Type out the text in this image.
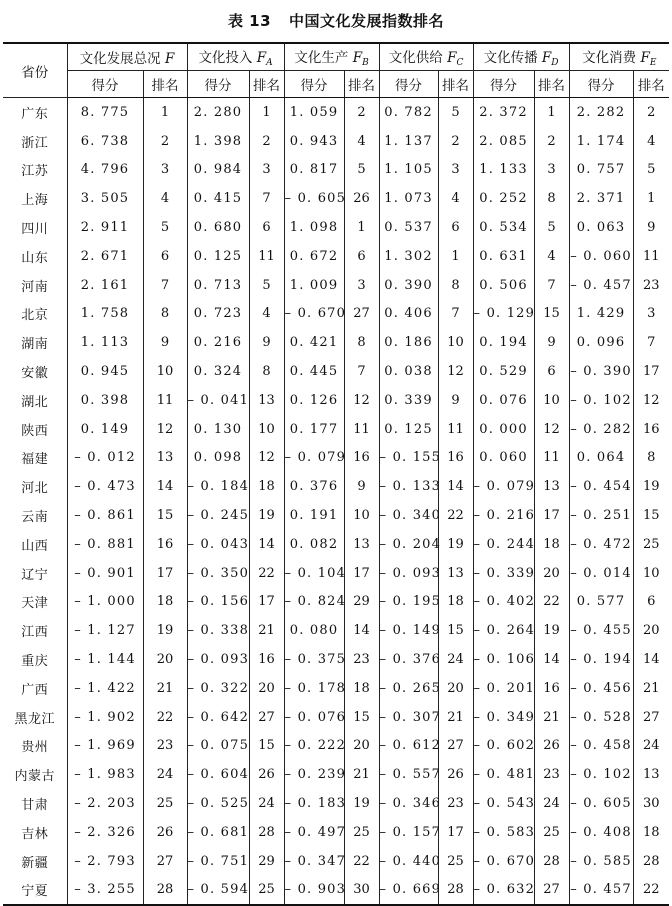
表 13 中国文化发展指数排名
省份	文化发展总况 F		文化投入 $F_A$		文化生产 $F_B$		文化供给 $F_C$		文化传播 $F_D$		文化消费 $F_E$
	得分	排名	得分	排名	得分	排名	得分	排名	得分	排名	得分	排名
广东	8. 775	1	2. 280	1	1. 059	2	0. 782	5	2. 372	1	2. 282	2
浙江	6. 738	2	1. 398	2	0. 943	4	1. 137	2	2. 085	2	1. 174	4
江苏	4. 796	3	0. 984	3	0. 817	5	1. 105	3	1. 133	3	0. 757	5
上海	3. 505	4	0. 415	7	– 0. 605	26	1. 073	4	0. 252	8	2. 371	1
四川	2. 911	5	0. 680	6	1. 098	1	0. 537	6	0. 534	5	0. 063	9
山东	2. 671	6	0. 125	11	0. 672	6	1. 302	1	0. 631	4	– 0. 060	11
河南	2. 161	7	0. 713	5	1. 009	3	0. 390	8	0. 506	7	– 0. 457	23
北京	1. 758	8	0. 723	4	– 0. 670	27	0. 406	7	– 0. 129	15	1. 429	3
湖南	1. 113	9	0. 216	9	0. 421	8	0. 186	10	0. 194	9	0. 096	7
安徽	0. 945	10	0. 324	8	0. 445	7	0. 038	12	0. 529	6	– 0. 390	17
湖北	0. 398	11	– 0. 041	13	0. 126	12	0. 339	9	0. 076	10	– 0. 102	12
陕西	0. 149	12	0. 130	10	0. 177	11	0. 125	11	0. 000	12	– 0. 282	16
福建	– 0. 012	13	0. 098	12	– 0. 079	16	– 0. 155	16	0. 060	11	0. 064	8
河北	– 0. 473	14	– 0. 184	18	0. 376	9	– 0. 133	14	– 0. 079	13	– 0. 454	19
云南	– 0. 861	15	– 0. 245	19	0. 191	10	– 0. 340	22	– 0. 216	17	– 0. 251	15
山西	– 0. 881	16	– 0. 043	14	0. 082	13	– 0. 204	19	– 0. 244	18	– 0. 472	25
辽宁	– 0. 901	17	– 0. 350	22	– 0. 104	17	– 0. 093	13	– 0. 339	20	– 0. 014	10
天津	– 1. 000	18	– 0. 156	17	– 0. 824	29	– 0. 195	18	– 0. 402	22	0. 577	6
江西	– 1. 127	19	– 0. 338	21	0. 080	14	– 0. 149	15	– 0. 264	19	– 0. 455	20
重庆	– 1. 144	20	– 0. 093	16	– 0. 375	23	– 0. 376	24	– 0. 106	14	– 0. 194	14
广西	– 1. 422	21	– 0. 322	20	– 0. 178	18	– 0. 265	20	– 0. 201	16	– 0. 456	21
黑龙江	– 1. 902	22	– 0. 642	27	– 0. 076	15	– 0. 307	21	– 0. 349	21	– 0. 528	27
贵州	– 1. 969	23	– 0. 075	15	– 0. 222	20	– 0. 612	27	– 0. 602	26	– 0. 458	24
内蒙古	– 1. 983	24	– 0. 604	26	– 0. 239	21	– 0. 557	26	– 0. 481	23	– 0. 102	13
甘肃	– 2. 203	25	– 0. 525	24	– 0. 183	19	– 0. 346	23	– 0. 543	24	– 0. 605	30
吉林	– 2. 326	26	– 0. 681	28	– 0. 497	25	– 0. 157	17	– 0. 583	25	– 0. 408	18
新疆	– 2. 793	27	– 0. 751	29	– 0. 347	22	– 0. 440	25	– 0. 670	28	– 0. 585	28
宁夏	– 3. 255	28	– 0. 594	25	– 0. 903	30	– 0. 669	28	– 0. 632	27	– 0. 457	22
